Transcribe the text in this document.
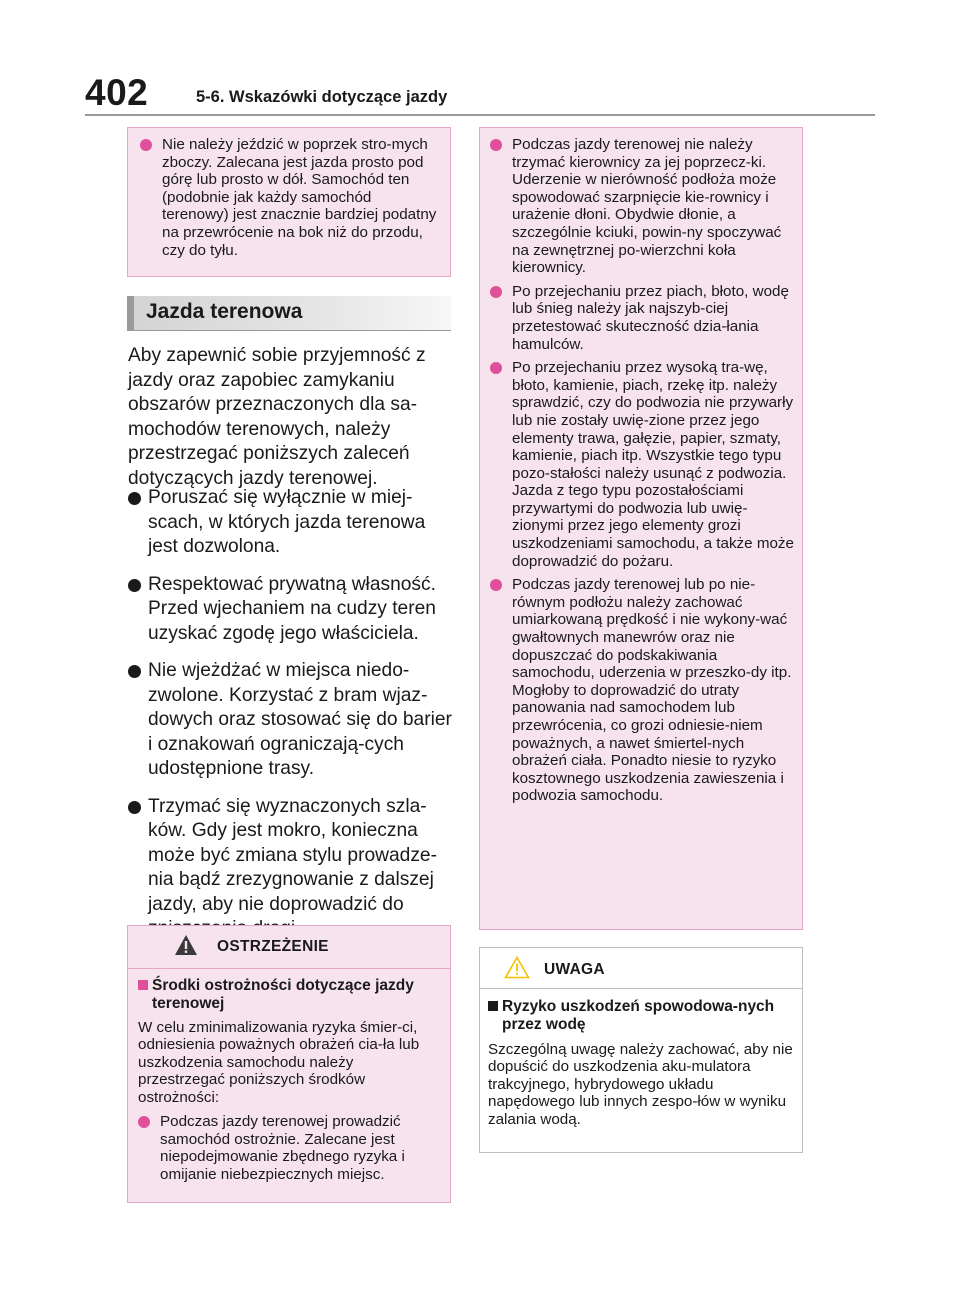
402	5-6. Wskazówki dotyczące jazdy
Nie należy jeździć w poprzek stro-mych zboczy. Zalecana jest jazda prosto pod górę lub prosto w dół. Samochód ten (podobnie jak każdy samochód terenowy) jest znacznie bardziej podatny na przewrócenie na bok niż do przodu, czy do tyłu.
Jazda terenowa
Aby zapewnić sobie przyjemność z jazdy oraz zapobiec zamykaniu obszarów przeznaczonych dla sa-mochodów terenowych, należy przestrzegać poniższych zaleceń dotyczących jazdy terenowej.
Poruszać się wyłącznie w miej-scach, w których jazda terenowa jest dozwolona.
Respektować prywatną własność. Przed wjechaniem na cudzy teren uzyskać zgodę jego właściciela.
Nie wjeżdżać w miejsca niedo-zwolone. Korzystać z bram wjaz-dowych oraz stosować się do barier i oznakowań ograniczają-cych udostępnione trasy.
Trzymać się wyznaczonych szla-ków. Gdy jest mokro, konieczna może być zmiana stylu prowadze-nia bądź zrezygnowanie z dalszej jazdy, aby nie doprowadzić do
OSTRZEŻENIE
Środki ostrożności dotyczące jazdy terenowej
W celu zminimalizowania ryzyka śmier-ci, odniesienia poważnych obrażeń cia-ła lub uszkodzenia samochodu należy przestrzegać poniższych środków ostrożności:
Podczas jazdy terenowej prowadzić samochód ostrożnie. Zalecane jest niepodejmowanie zbędnego ryzyka i omijanie niebezpiecznych miejsc.
Podczas jazdy terenowej nie należy trzymać kierownicy za jej poprzecz-ki. Uderzenie w nierówność podłoża może spowodować szarpnięcie kie-rownicy i urażenie dłoni. Obydwie dłonie, a szczególnie kciuki, powin-ny spoczywać na zewnętrznej po-wierzchni koła kierownicy.
Po przejechaniu przez piach, błoto, wodę lub śnieg należy jak najszyb-ciej przetestować skuteczność dzia-łania hamulców.
Po przejechaniu przez wysoką tra-wę, błoto, kamienie, piach, rzekę itp. należy sprawdzić, czy do podwozia nie przywarły lub nie zostały uwię-zione przez jego elementy trawa, gałęzie, papier, szmaty, kamienie, piach itp. Wszystkie tego typu pozo-stałości należy usunąć z podwozia. Jazda z tego typu pozostałościami przywartymi do podwozia lub uwię-zionymi przez jego elementy grozi uszkodzeniami samochodu, a także może doprowadzić do pożaru.
Podczas jazdy terenowej lub po nie-równym podłożu należy zachować umiarkowaną prędkość i nie wykony-wać gwałtownych manewrów oraz nie dopuszczać do podskakiwania samochodu, uderzenia w przeszko-dy itp. Mogłoby to doprowadzić do utraty panowania nad samochodem lub przewrócenia, co grozi odniesie-niem poważnych, a nawet śmiertel-nych obrażeń ciała. Ponadto niesie to ryzyko kosztownego uszkodzenia zawieszenia i podwozia samochodu.
UWAGA
Ryzyko uszkodzeń spowodowa-nych przez wodę
Szczególną uwagę należy zachować, aby nie dopuścić do uszkodzenia aku-mulatora trakcyjnego, hybrydowego układu napędowego lub innych zespo-łów w wyniku zalania wodą.
